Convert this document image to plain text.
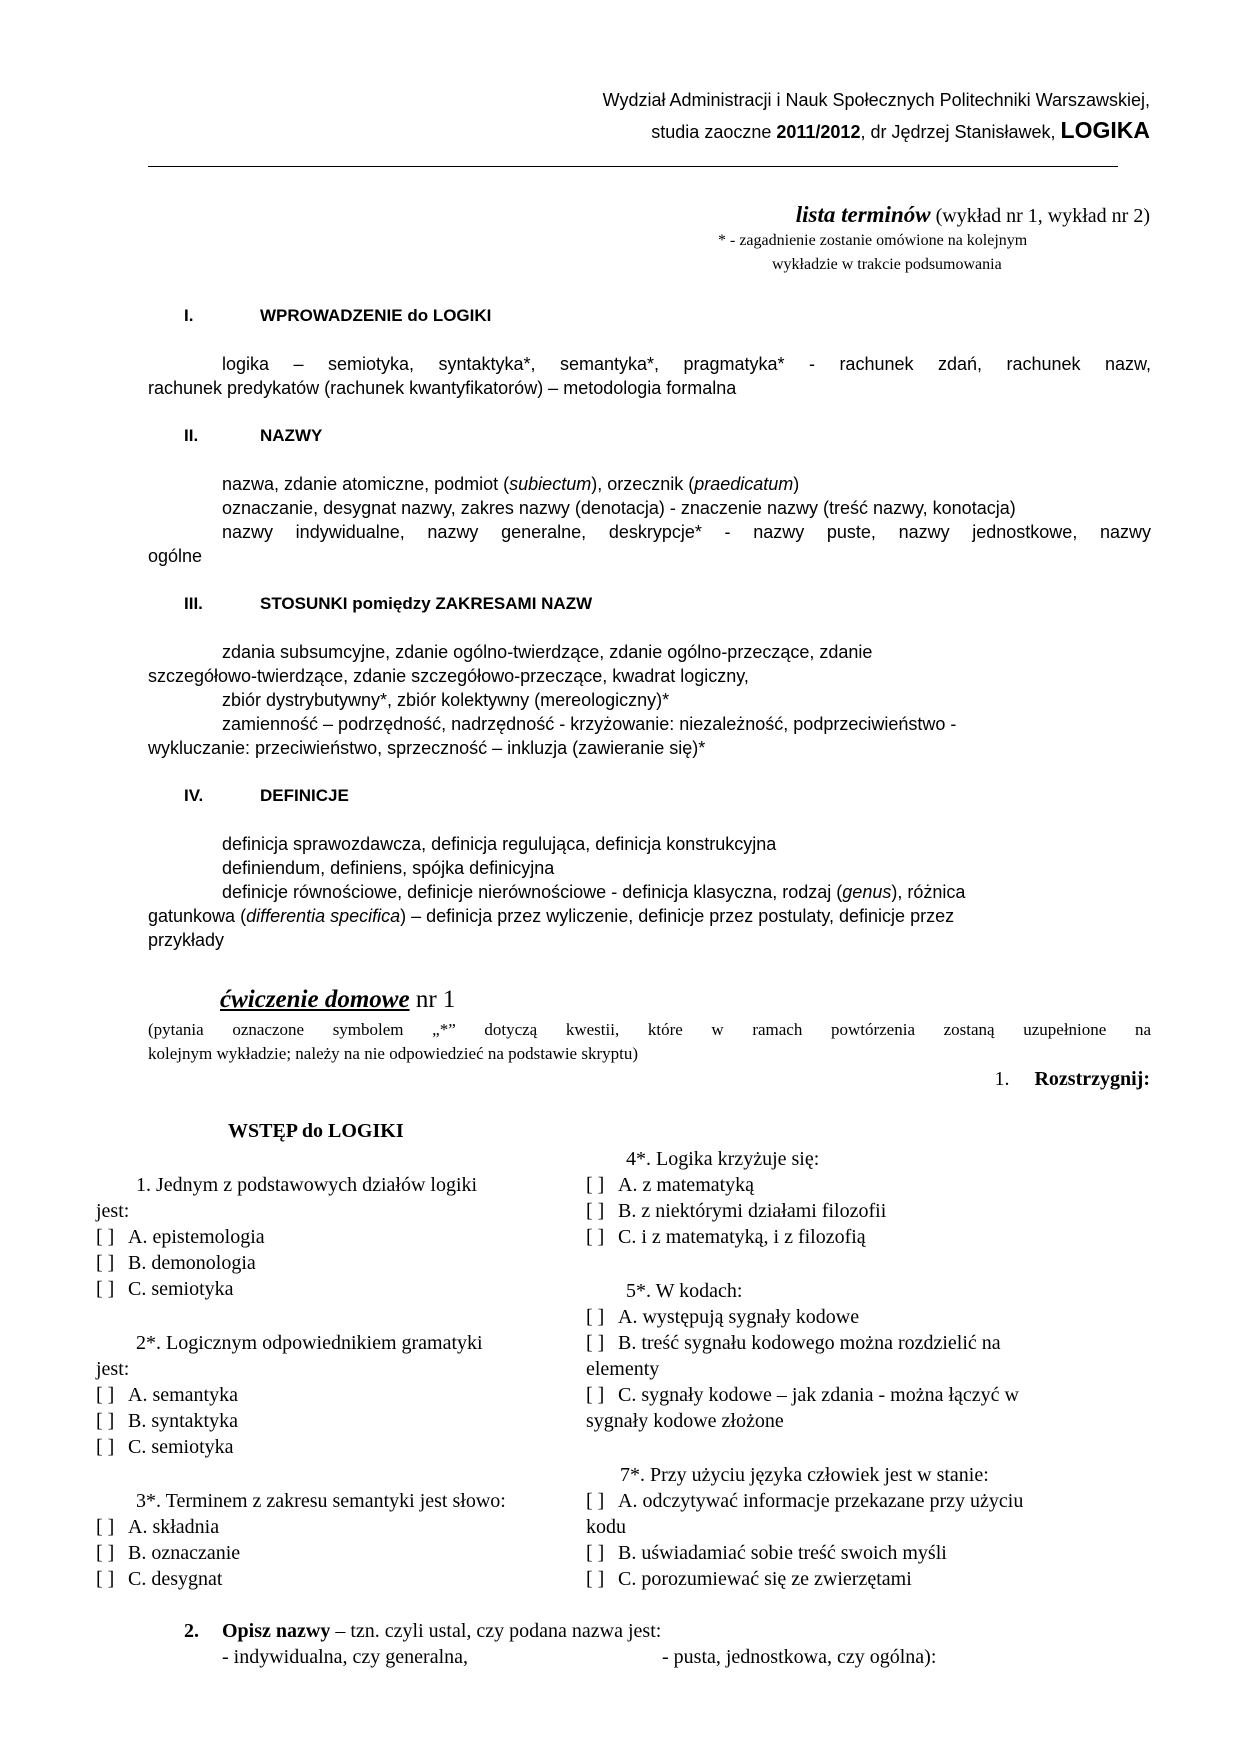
Wydział Administracji i Nauk Społecznych Politechniki Warszawskiej,
studia zaoczne 2011/2012, dr Jędrzej Stanisławek, LOGIKA
lista terminów (wykład nr 1, wykład nr 2)
* - zagadnienie zostanie omówione na kolejnym
wykładzie w trakcie podsumowania
I.	WPROWADZENIE do LOGIKI
logika – semiotyka, syntaktyka*, semantyka*, pragmatyka* - rachunek zdań, rachunek nazw,
rachunek predykatów (rachunek kwantyfikatorów) – metodologia formalna
II.	NAZWY
nazwa, zdanie atomiczne, podmiot (subiectum), orzecznik (praedicatum)
oznaczanie, desygnat nazwy, zakres nazwy (denotacja) - znaczenie nazwy (treść nazwy, konotacja)
nazwy indywidualne, nazwy generalne, deskrypcje* - nazwy puste, nazwy jednostkowe, nazwy
ogólne
III.	STOSUNKI pomiędzy ZAKRESAMI NAZW
zdania subsumcyjne, zdanie ogólno-twierdzące, zdanie ogólno-przeczące, zdanie
szczegółowo-twierdzące, zdanie szczegółowo-przeczące, kwadrat logiczny,
zbiór dystrybutywny*, zbiór kolektywny (mereologiczny)*
zamienność – podrzędność, nadrzędność - krzyżowanie: niezależność, podprzeciwieństwo -
wykluczanie: przeciwieństwo, sprzeczność – inkluzja (zawieranie się)*
IV.	DEFINICJE
definicja sprawozdawcza, definicja regulująca, definicja konstrukcyjna
definiendum, definiens, spójka definicyjna
definicje równościowe, definicje nierównościowe - definicja klasyczna, rodzaj (genus), różnica
gatunkowa (differentia specifica) – definicja przez wyliczenie, definicje przez postulaty, definicje przez
przykłady
ćwiczenie domowe nr 1
(pytania oznaczone symbolem „*” dotyczą kwestii, które w ramach powtórzenia zostaną uzupełnione na
kolejnym wykładzie; należy na nie odpowiedzieć na podstawie skryptu)
1. Rozstrzygnij:
WSTĘP do LOGIKI
1. Jednym z podstawowych działów logiki
jest:
[ ] A. epistemologia
[ ] B. demonologia
[ ] C. semiotyka
2*. Logicznym odpowiednikiem gramatyki
jest:
[ ] A. semantyka
[ ] B. syntaktyka
[ ] C. semiotyka
3*. Terminem z zakresu semantyki jest słowo:
[ ] A. składnia
[ ] B. oznaczanie
[ ] C. desygnat
4*. Logika krzyżuje się:
[ ] A. z matematyką
[ ] B. z niektórymi działami filozofii
[ ] C. i z matematyką, i z filozofią
5*. W kodach:
[ ] A. występują sygnały kodowe
[ ] B. treść sygnału kodowego można rozdzielić na
elementy
[ ] C. sygnały kodowe – jak zdania - można łączyć w
sygnały kodowe złożone
7*. Przy użyciu języka człowiek jest w stanie:
[ ] A. odczytywać informacje przekazane przy użyciu
kodu
[ ] B. uświadamiać sobie treść swoich myśli
[ ] C. porozumiewać się ze zwierzętami
2. Opisz nazwy – tzn. czyli ustal, czy podana nazwa jest:
- indywidualna, czy generalna,	- pusta, jednostkowa, czy ogólna):
